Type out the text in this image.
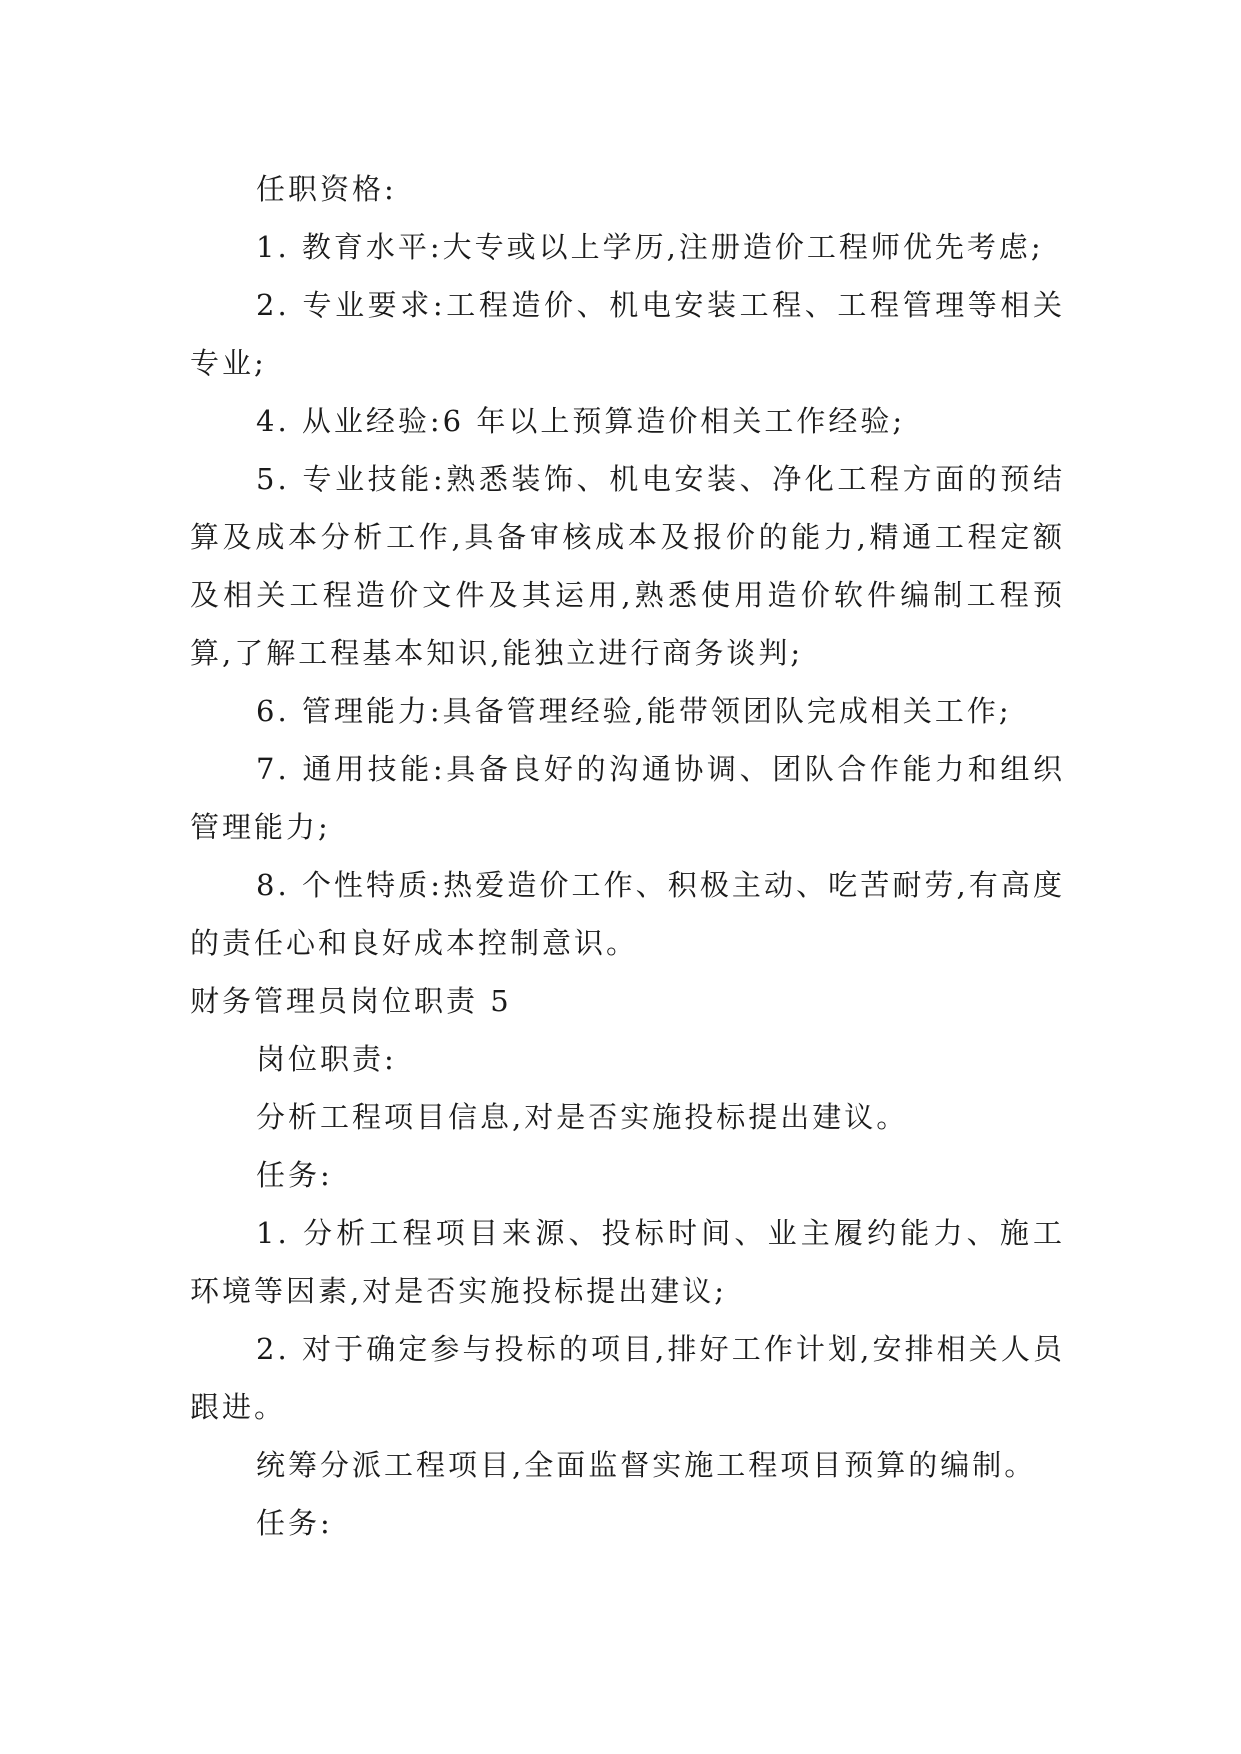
任职资格:

1. 教育水平:大专或以上学历,注册造价工程师优先考虑;

2. 专业要求:工程造价、机电安装工程、工程管理等相关专业;

4. 从业经验:6 年以上预算造价相关工作经验;

5. 专业技能:熟悉装饰、机电安装、净化工程方面的预结算及成本分析工作,具备审核成本及报价的能力,精通工程定额及相关工程造价文件及其运用,熟悉使用造价软件编制工程预算,了解工程基本知识,能独立进行商务谈判;

6. 管理能力:具备管理经验,能带领团队完成相关工作;

7. 通用技能:具备良好的沟通协调、团队合作能力和组织管理能力;

8. 个性特质:热爱造价工作、积极主动、吃苦耐劳,有高度的责任心和良好成本控制意识。

财务管理员岗位职责 5

岗位职责:

分析工程项目信息,对是否实施投标提出建议。

任务:

1. 分析工程项目来源、投标时间、业主履约能力、施工环境等因素,对是否实施投标提出建议;

2. 对于确定参与投标的项目,排好工作计划,安排相关人员跟进。

统筹分派工程项目,全面监督实施工程项目预算的编制。

任务:
